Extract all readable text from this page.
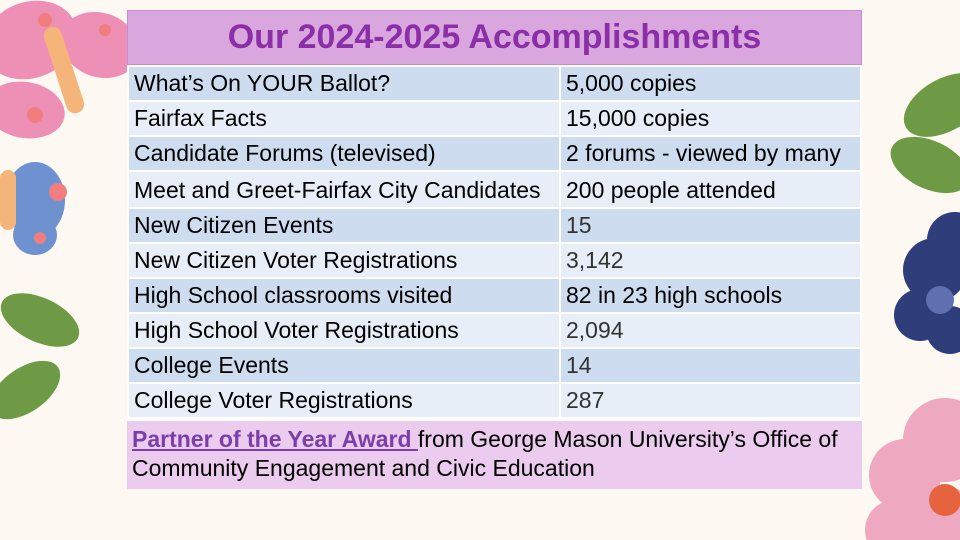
Our 2024-2025 Accomplishments
What’s On YOUR Ballot?	5,000 copies
Fairfax Facts	15,000 copies
Candidate Forums (televised)	2 forums - viewed by many
Meet and Greet-Fairfax City Candidates	200 people attended
New Citizen Events	15
New Citizen Voter Registrations	3,142
High School classrooms visited	82 in 23 high schools
High School Voter Registrations	2,094
College Events	14
College Voter Registrations	287
Partner of the Year Award from George Mason University’s Office of Community Engagement and Civic Education
